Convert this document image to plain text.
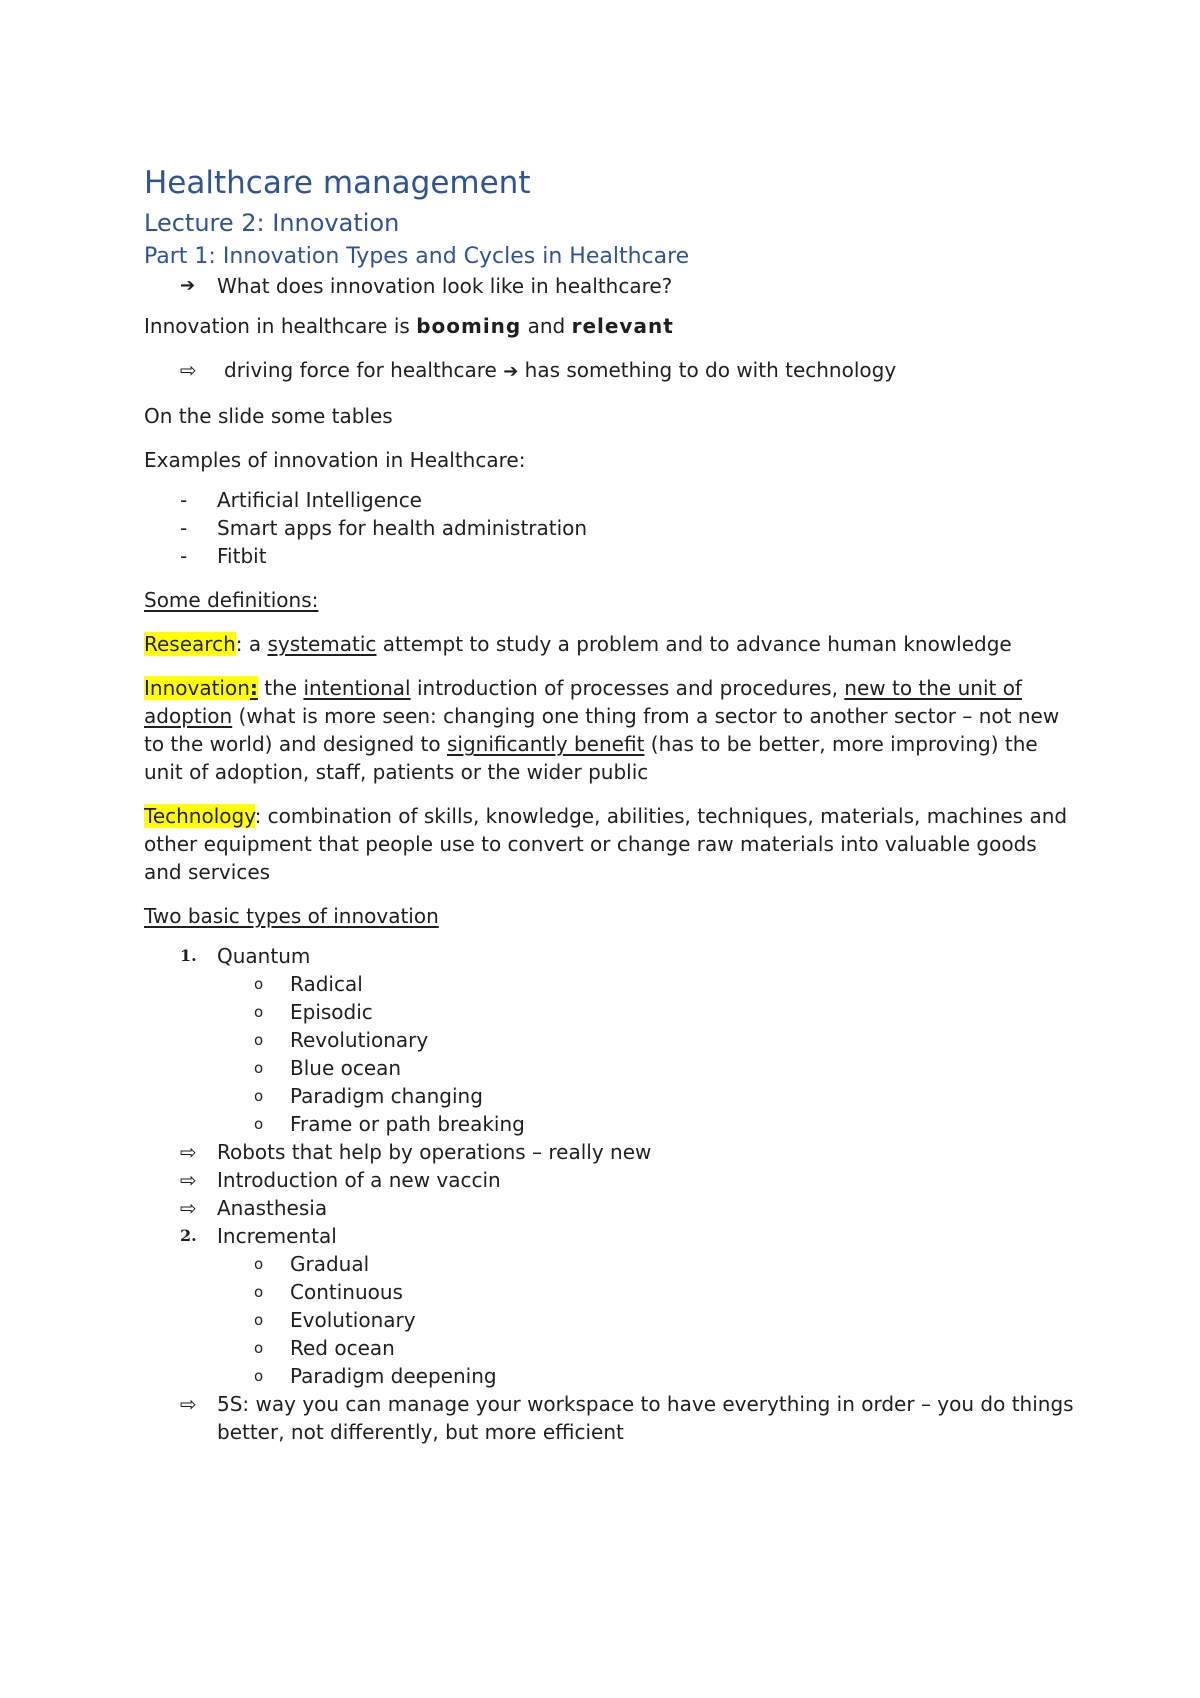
Healthcare management
Lecture 2: Innovation
Part 1: Innovation Types and Cycles in Healthcare
➔	What does innovation look like in healthcare?

Innovation in healthcare is booming and relevant

⇨	driving force for healthcare ➔ has something to do with technology

On the slide some tables

Examples of innovation in Healthcare:

-	Artificial Intelligence
-	Smart apps for health administration
-	Fitbit

Some definitions:

Research: a systematic attempt to study a problem and to advance human knowledge

Innovation: the intentional introduction of processes and procedures, new to the unit of adoption (what is more seen: changing one thing from a sector to another sector – not new to the world) and designed to significantly benefit (has to be better, more improving) the unit of adoption, staff, patients or the wider public

Technology: combination of skills, knowledge, abilities, techniques, materials, machines and other equipment that people use to convert or change raw materials into valuable goods and services

Two basic types of innovation

1.	Quantum
o	Radical
o	Episodic
o	Revolutionary
o	Blue ocean
o	Paradigm changing
o	Frame or path breaking
⇨	Robots that help by operations – really new
⇨	Introduction of a new vaccin
⇨	Anasthesia
2.	Incremental
o	Gradual
o	Continuous
o	Evolutionary
o	Red ocean
o	Paradigm deepening
⇨	5S: way you can manage your workspace to have everything in order – you do things better, not differently, but more efficient
